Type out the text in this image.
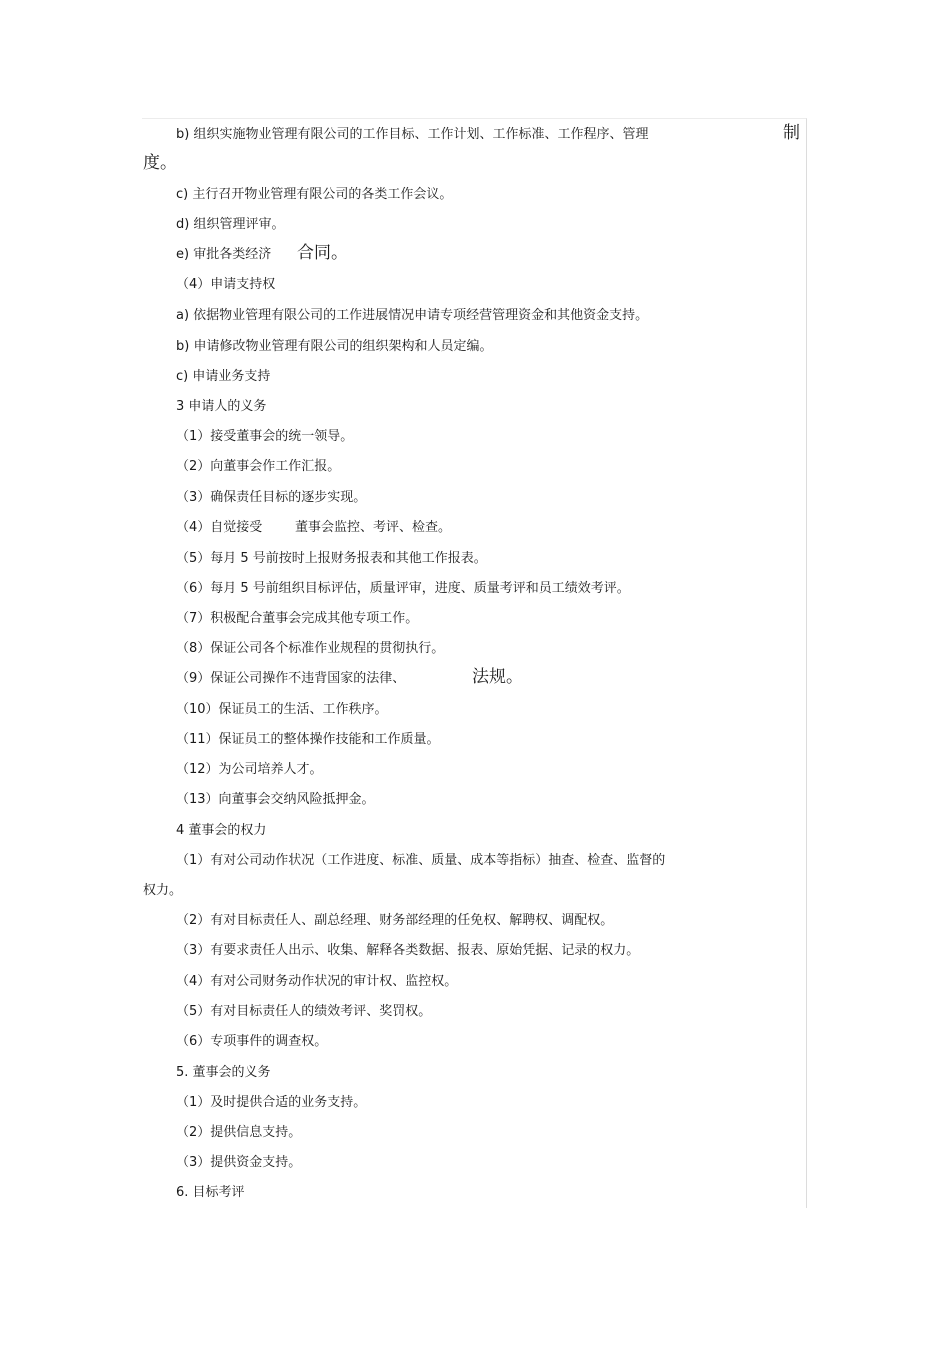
b) 组织实施物业管理有限公司的工作目标、工作计划、工作标准、工作程序、管理	制
度。
c) 主行召开物业管理有限公司的各类工作会议。
d) 组织管理评审。
e) 审批各类经济 合同。
（4）申请支持权
a) 依据物业管理有限公司的工作进展情况申请专项经营管理资金和其他资金支持。
b) 申请修改物业管理有限公司的组织架构和人员定编。
c) 申请业务支持
3 申请人的义务
（1）接受董事会的统一领导。
（2）向董事会作工作汇报。
（3）确保责任目标的逐步实现。
（4）自觉接受	董事会监控、考评、检查。
（5）每月 5 号前按时上报财务报表和其他工作报表。
（6）每月 5 号前组织目标评估，质量评审，进度、质量考评和员工绩效考评。
（7）积极配合董事会完成其他专项工作。
（8）保证公司各个标准作业规程的贯彻执行。
（9）保证公司操作不违背国家的法律、	法规。
（10）保证员工的生活、工作秩序。
（11）保证员工的整体操作技能和工作质量。
（12）为公司培养人才。
（13）向董事会交纳风险抵押金。
4 董事会的权力
（1）有对公司动作状况（工作进度、标准、质量、成本等指标）抽查、检查、监督的
权力。
（2）有对目标责任人、副总经理、财务部经理的任免权、解聘权、调配权。
（3）有要求责任人出示、收集、解释各类数据、报表、原始凭据、记录的权力。
（4）有对公司财务动作状况的审计权、监控权。
（5）有对目标责任人的绩效考评、奖罚权。
（6）专项事件的调查权。
5. 董事会的义务
（1）及时提供合适的业务支持。
（2）提供信息支持。
（3）提供资金支持。
6. 目标考评
